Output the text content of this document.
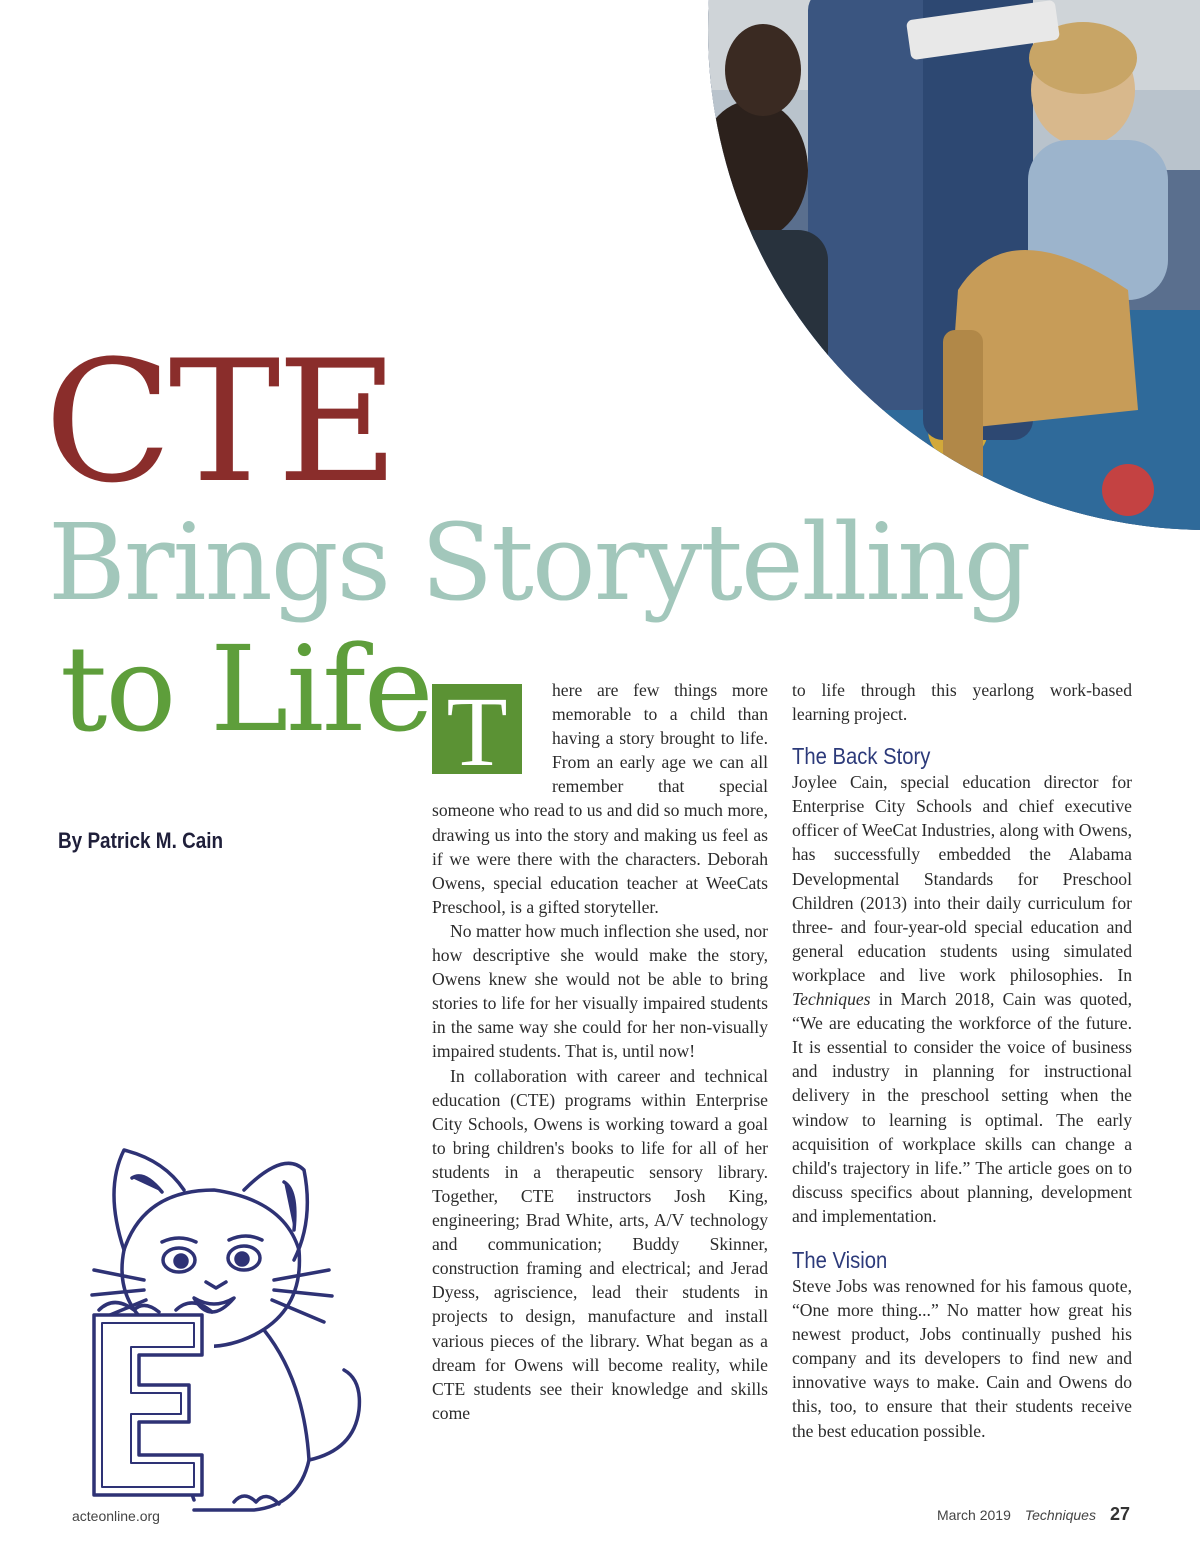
CTE
Brings Storytelling
to Life
By Patrick M. Cain

T	here are few things more memorable to a child than having a story brought to life. From an early age we can all remember that special someone who read to us and did so much more, drawing us into the story and making us feel as if we were there with the characters. Deborah Owens, special education teacher at WeeCats Preschool, is a gifted storyteller.

No matter how much inflection she used, nor how descriptive she would make the story, Owens knew she would not be able to bring stories to life for her visually impaired students in the same way she could for her non-visually impaired students. That is, until now!

In collaboration with career and technical education (CTE) programs within Enterprise City Schools, Owens is working toward a goal to bring children's books to life for all of her students in a therapeutic sensory library. Together, CTE instructors Josh King, engineering; Brad White, arts, A/V technology and communication; Buddy Skinner, construction framing and electrical; and Jerad Dyess, agriscience, lead their students in projects to design, manufacture and install various pieces of the library. What began as a dream for Owens will become reality, while CTE students see their knowledge and skills come

to life through this yearlong work-based learning project.

The Back Story

Joylee Cain, special education director for Enterprise City Schools and chief executive officer of WeeCat Industries, along with Owens, has successfully embedded the Alabama Developmental Standards for Preschool Children (2013) into their daily curriculum for three- and four-year-old special education and general education students using simulated workplace and live work philosophies. In Techniques in March 2018, Cain was quoted, “We are educating the workforce of the future. It is essential to consider the voice of business and industry in planning for instructional delivery in the preschool setting when the window to learning is optimal. The early acquisition of workplace skills can change a child's trajectory in life.” The article goes on to discuss specifics about planning, development and implementation.

The Vision

Steve Jobs was renowned for his famous quote, “One more thing...” No matter how great his newest product, Jobs continually pushed his company and its developers to find new and innovative ways to make. Cain and Owens do this, too, to ensure that their students receive the best education possible.

acteonline.org	March 2019 Techniques 27
